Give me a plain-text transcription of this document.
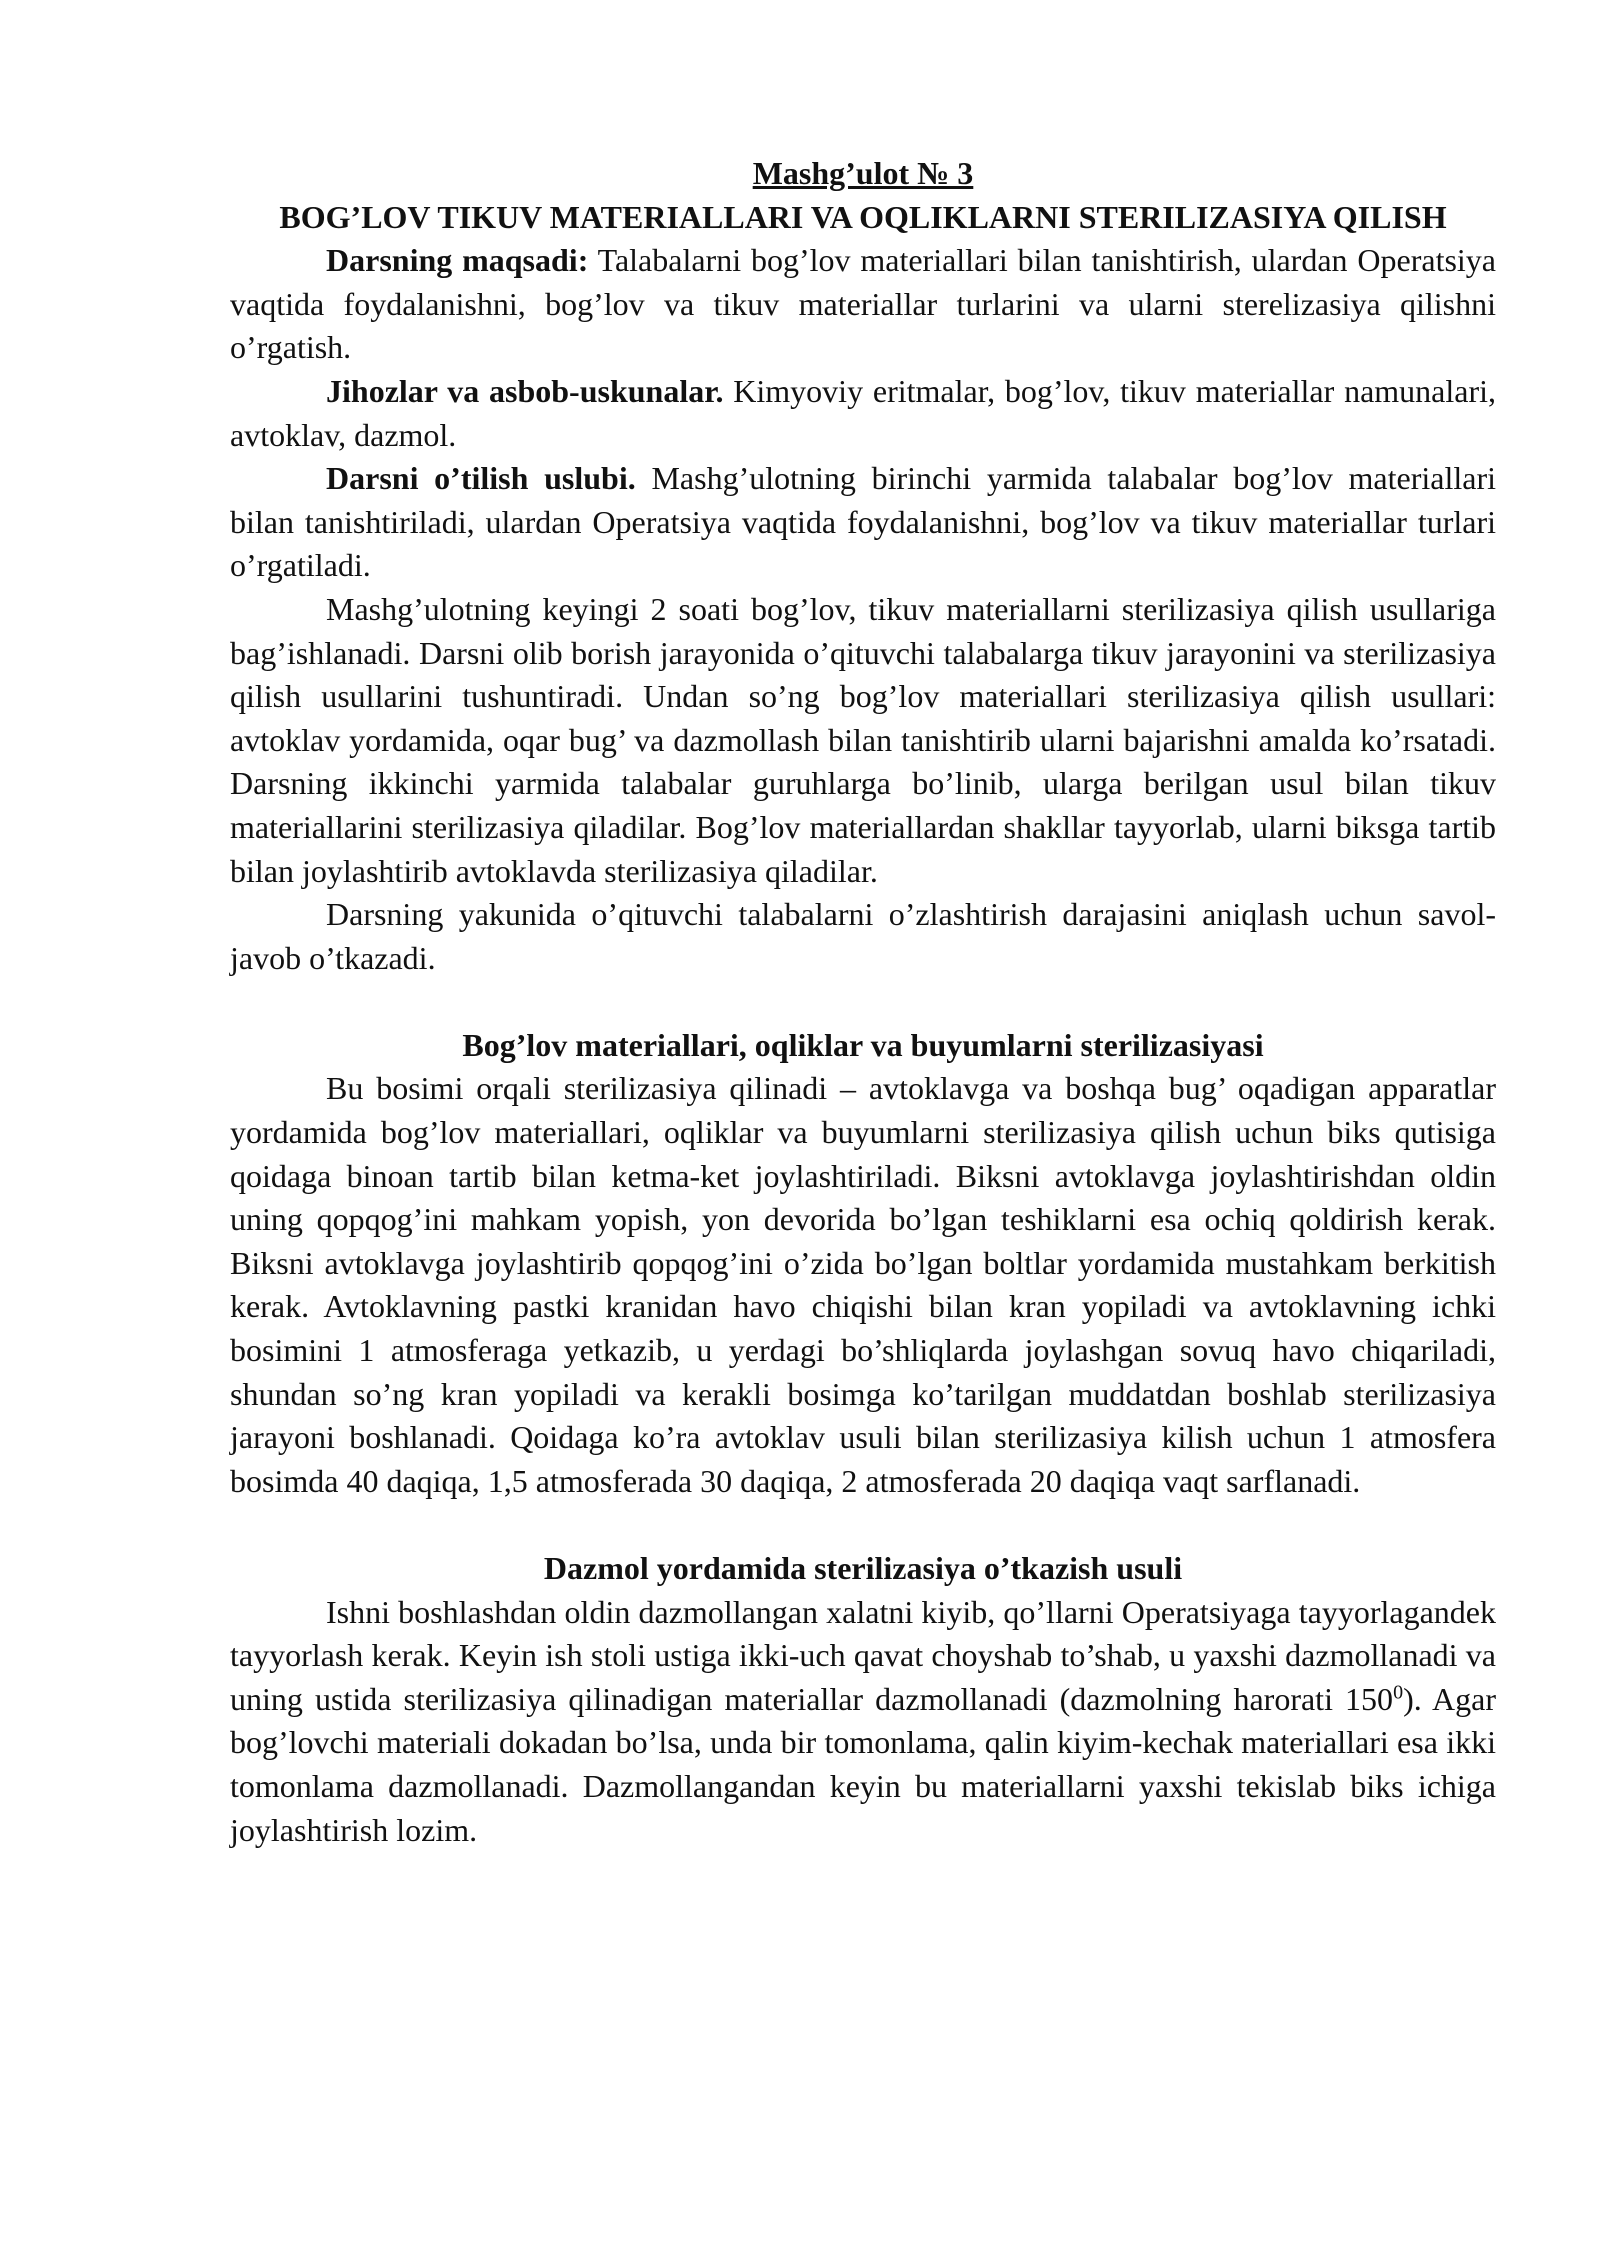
Mashg’ulot № 3

BOG’LOV TIKUV MATERIALLARI VA OQLIKLARNI STERILIZASIYA QILISH

Darsning maqsadi: Talabalarni bog’lov materiallari bilan tanishtirish, ulardan Operatsiya vaqtida foydalanishni, bog’lov va tikuv materiallar turlarini va ularni sterelizasiya qilishni o’rgatish.

Jihozlar va asbob-uskunalar. Kimyoviy eritmalar, bog’lov, tikuv materiallar namunalari, avtoklav, dazmol.

Darsni o’tilish uslubi. Mashg’ulotning birinchi yarmida talabalar bog’lov materiallari bilan tanishtiriladi, ulardan Operatsiya vaqtida foydalanishni, bog’lov va tikuv materiallar turlari o’rgatiladi.

Mashg’ulotning keyingi 2 soati bog’lov, tikuv materiallarni sterilizasiya qilish usullariga bag’ishlanadi. Darsni olib borish jarayonida o’qituvchi talabalarga tikuv jarayonini va sterilizasiya qilish usullarini tushuntiradi. Undan so’ng bog’lov materiallari sterilizasiya qilish usullari: avtoklav yordamida, oqar bug’ va dazmollash bilan tanishtirib ularni bajarishni amalda ko’rsatadi. Darsning ikkinchi yarmida talabalar guruhlarga bo’linib, ularga berilgan usul bilan tikuv materiallarini sterilizasiya qiladilar. Bog’lov materiallardan shakllar tayyorlab, ularni biksga tartib bilan joylashtirib avtoklavda sterilizasiya qiladilar.

Darsning yakunida o’qituvchi talabalarni o’zlashtirish darajasini aniqlash uchun savol-javob o’tkazadi.

Bog’lov materiallari, oqliklar va buyumlarni sterilizasiyasi

Bu bosimi orqali sterilizasiya qilinadi – avtoklavga va boshqa bug’ oqadigan apparatlar yordamida bog’lov materiallari, oqliklar va buyumlarni sterilizasiya qilish uchun biks qutisiga qoidaga binoan tartib bilan ketma-ket joylashtiriladi. Biksni avtoklavga joylashtirishdan oldin uning qopqog’ini mahkam yopish, yon devorida bo’lgan teshiklarni esa ochiq qoldirish kerak. Biksni avtoklavga joylashtirib qopqog’ini o’zida bo’lgan boltlar yordamida mustahkam berkitish kerak. Avtoklavning pastki kranidan havo chiqishi bilan kran yopiladi va avtoklavning ichki bosimini 1 atmosferaga yetkazib, u yerdagi bo’shliqlarda joylashgan sovuq havo chiqariladi, shundan so’ng kran yopiladi va kerakli bosimga ko’tarilgan muddatdan boshlab sterilizasiya jarayoni boshlanadi. Qoidaga ko’ra avtoklav usuli bilan sterilizasiya kilish uchun 1 atmosfera bosimda 40 daqiqa, 1,5 atmosferada 30 daqiqa, 2 atmosferada 20 daqiqa vaqt sarflanadi.

Dazmol yordamida sterilizasiya o’tkazish usuli

Ishni boshlashdan oldin dazmollangan xalatni kiyib, qo’llarni Operatsiyaga tayyorlagandek tayyorlash kerak. Keyin ish stoli ustiga ikki-uch qavat choyshab to’shab, u yaxshi dazmollanadi va uning ustida sterilizasiya qilinadigan materiallar dazmollanadi (dazmolning harorati $150^0$). Agar bog’lovchi materiali dokadan bo’lsa, unda bir tomonlama, qalin kiyim-kechak materiallari esa ikki tomonlama dazmollanadi. Dazmollangandan keyin bu materiallarni yaxshi tekislab biks ichiga joylashtirish lozim.
